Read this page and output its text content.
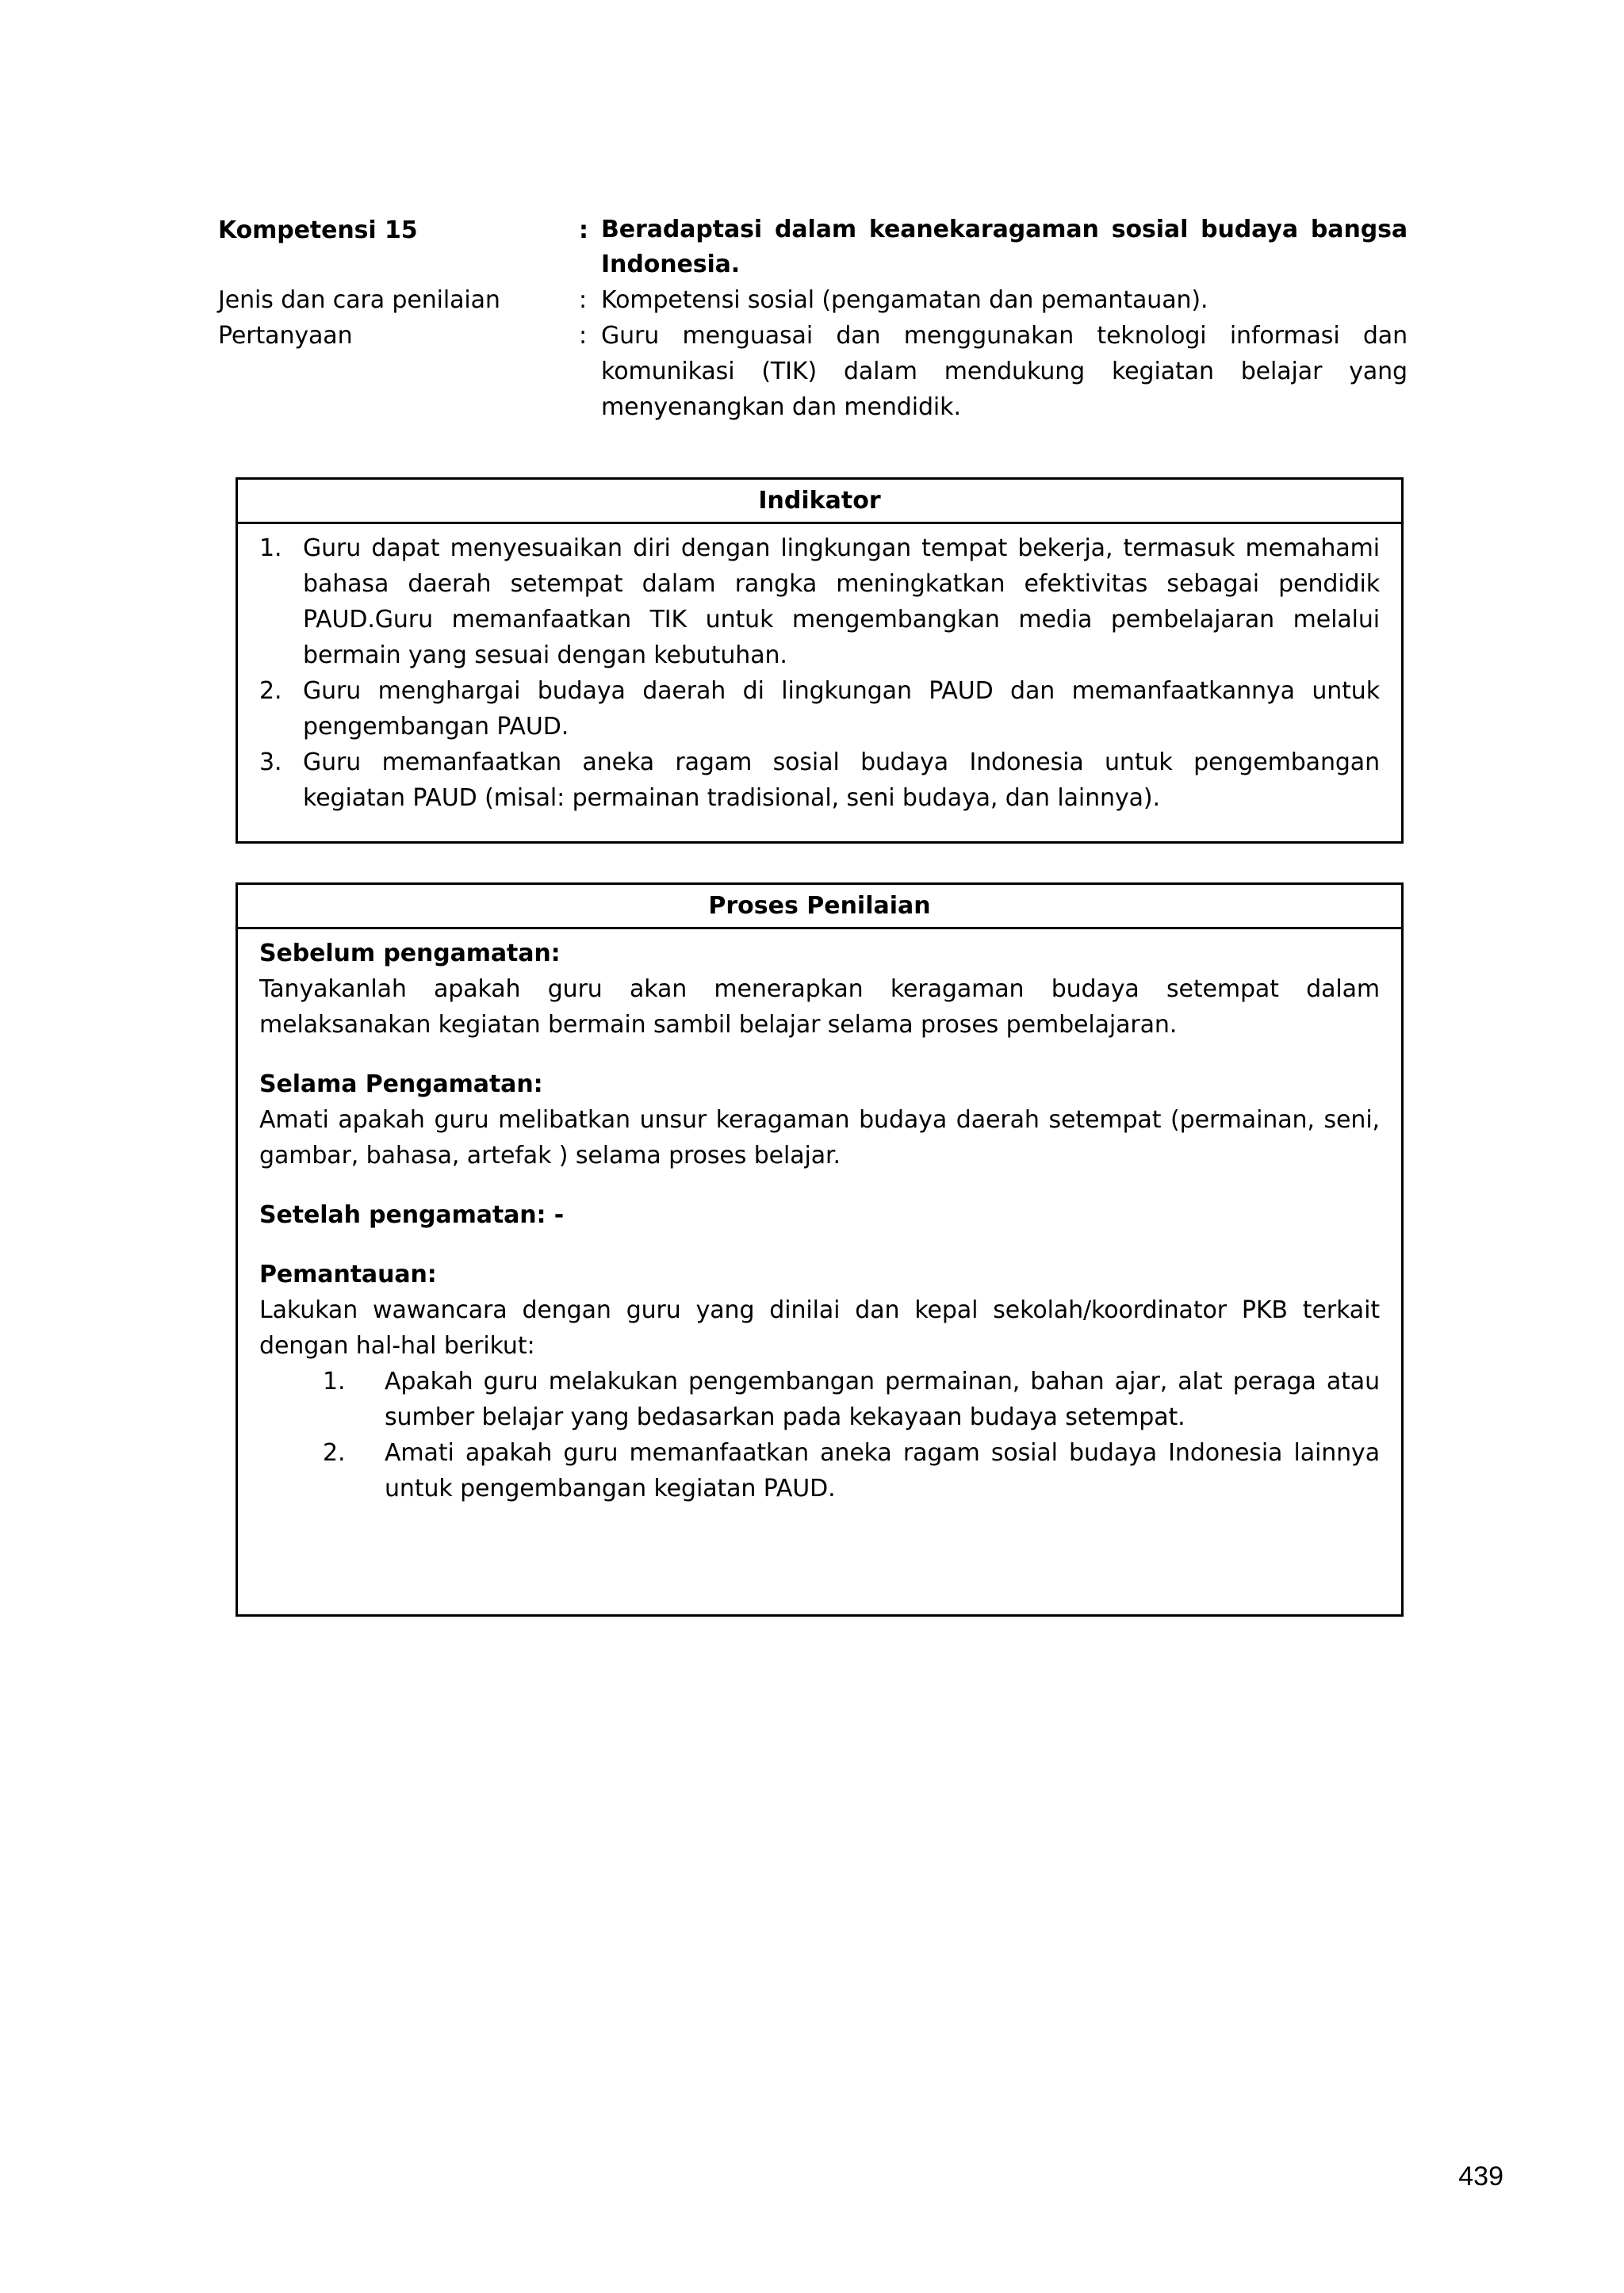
Kompetensi 15	: Beradaptasi dalam keanekaragaman sosial budaya bangsa Indonesia.
Jenis dan cara penilaian	: Kompetensi sosial (pengamatan dan pemantauan).
Pertanyaan	: Guru menguasai dan menggunakan teknologi informasi dan komunikasi (TIK) dalam mendukung kegiatan belajar yang menyenangkan dan mendidik.
Indikator
1. Guru dapat menyesuaikan diri dengan lingkungan tempat bekerja, termasuk memahami bahasa daerah setempat dalam rangka meningkatkan efektivitas sebagai pendidik PAUD.Guru memanfaatkan TIK untuk mengembangkan media pembelajaran melalui bermain yang sesuai dengan kebutuhan.
2. Guru menghargai budaya daerah di lingkungan PAUD dan memanfaatkannya untuk pengembangan PAUD.
3. Guru memanfaatkan aneka ragam sosial budaya Indonesia untuk pengembangan kegiatan PAUD (misal: permainan tradisional, seni budaya, dan lainnya).
Proses Penilaian
Sebelum pengamatan:
Tanyakanlah apakah guru akan menerapkan keragaman budaya setempat dalam melaksanakan kegiatan bermain sambil belajar selama proses pembelajaran.
Selama Pengamatan:
Amati apakah guru melibatkan unsur keragaman budaya daerah setempat (permainan, seni, gambar, bahasa, artefak ) selama proses belajar.
Setelah pengamatan: -
Pemantauan:
Lakukan wawancara dengan guru yang dinilai dan kepal sekolah/koordinator PKB terkait dengan hal-hal berikut:
1.	Apakah guru melakukan pengembangan permainan, bahan ajar, alat peraga atau sumber belajar yang bedasarkan pada kekayaan budaya setempat.
2.	Amati apakah guru memanfaatkan aneka ragam sosial budaya Indonesia lainnya untuk pengembangan kegiatan PAUD.
439
